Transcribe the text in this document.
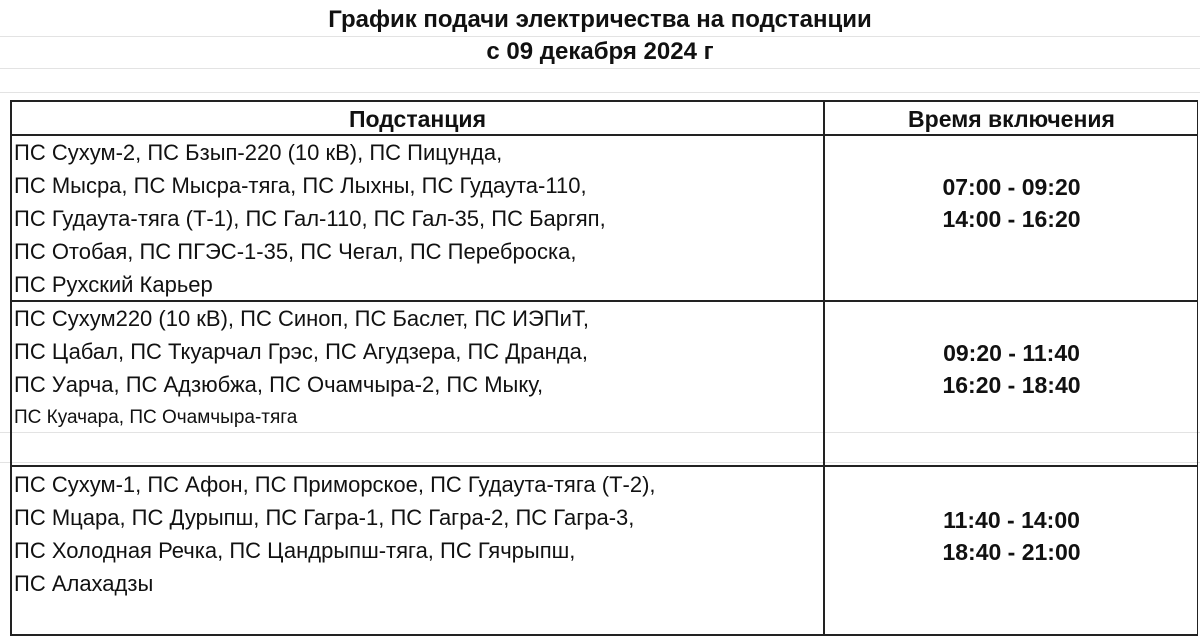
График подачи электричества на подстанции
с 09 декабря 2024 г
Подстанция	Время включения
ПС Сухум-2, ПС Бзып-220 (10 кВ), ПС Пицунда,
ПС Мысра, ПС Мысра-тяга, ПС Лыхны, ПС Гудаута-110,
ПС Гудаута-тяга (Т-1), ПС Гал-110, ПС Гал-35, ПС Баргяп,
ПС Отобая, ПС ПГЭС-1-35, ПС Чегал, ПС Переброска,
ПС Рухский Карьер
07:00 - 09:20
14:00 - 16:20
ПС Сухум220 (10 кВ), ПС Синоп, ПС Баслет, ПС ИЭПиТ,
ПС Цабал, ПС Ткуарчал Грэс, ПС Агудзера, ПС Дранда,
ПС Уарча, ПС Адзюбжа, ПС Очамчыра-2, ПС Мыку,
ПС Куачара, ПС Очамчыра-тяга
09:20 - 11:40
16:20 - 18:40
ПС Сухум-1, ПС Афон, ПС Приморское, ПС Гудаута-тяга (Т-2),
ПС Мцара, ПС Дурыпш, ПС Гагра-1, ПС Гагра-2, ПС Гагра-3,
ПС Холодная Речка, ПС Цандрыпш-тяга, ПС Гячрыпш,
ПС Алахадзы
11:40 - 14:00
18:40 - 21:00
